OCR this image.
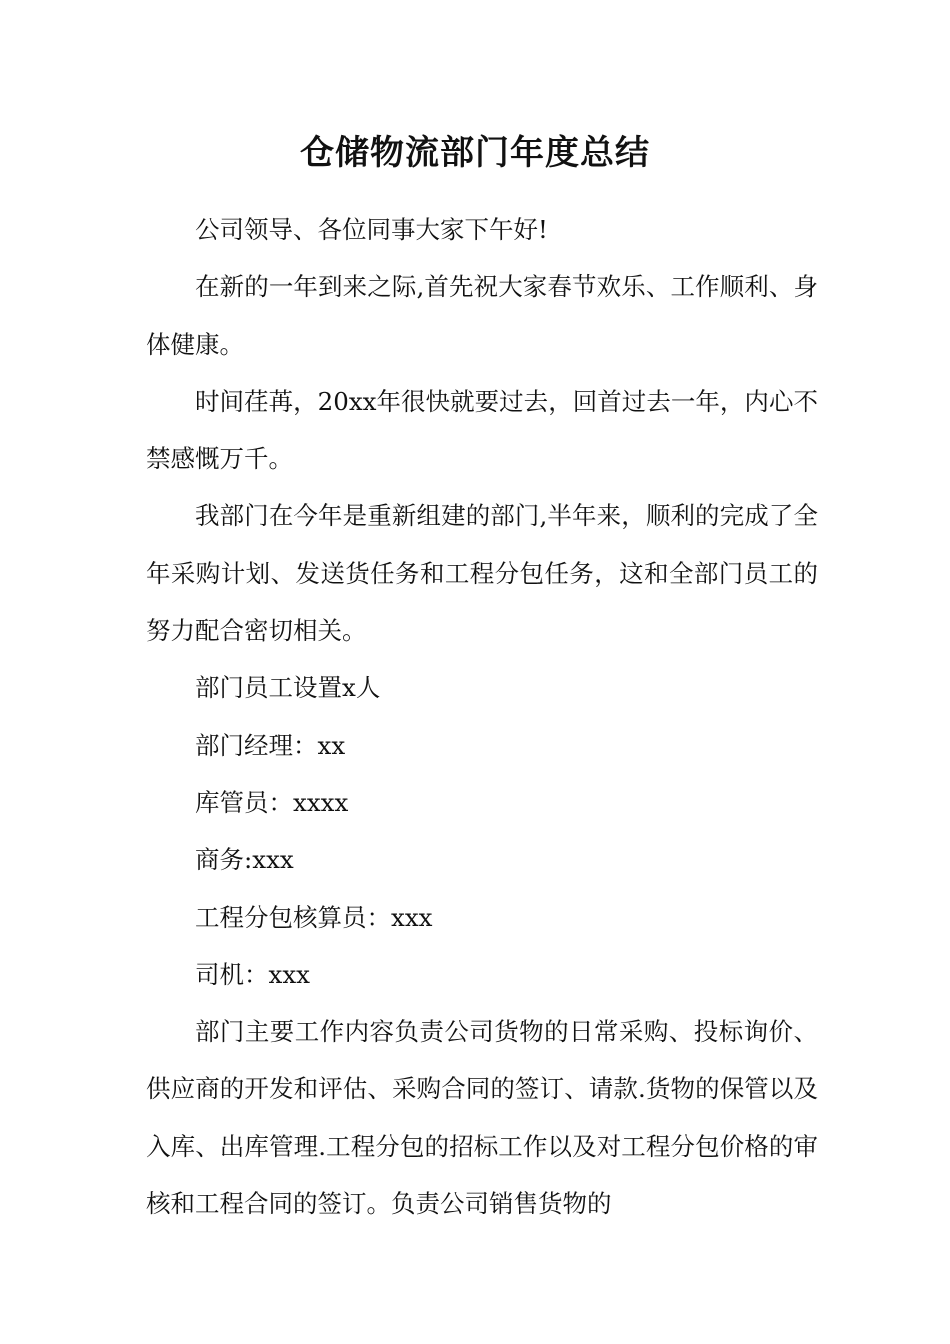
仓储物流部门年度总结

公司领导、各位同事大家下午好!

在新的一年到来之际,首先祝大家春节欢乐、工作顺利、身体健康。

时间荏苒，20xx年很快就要过去，回首过去一年，内心不禁感慨万千。

我部门在今年是重新组建的部门,半年来，顺利的完成了全年采购计划、发送货任务和工程分包任务，这和全部门员工的努力配合密切相关。

部门员工设置x人

部门经理：xx

库管员：xxxx

商务:xxx

工程分包核算员：xxx

司机：xxx

部门主要工作内容负责公司货物的日常采购、投标询价、供应商的开发和评估、采购合同的签订、请款.货物的保管以及入库、出库管理.工程分包的招标工作以及对工程分包价格的审核和工程合同的签订。负责公司销售货物的
